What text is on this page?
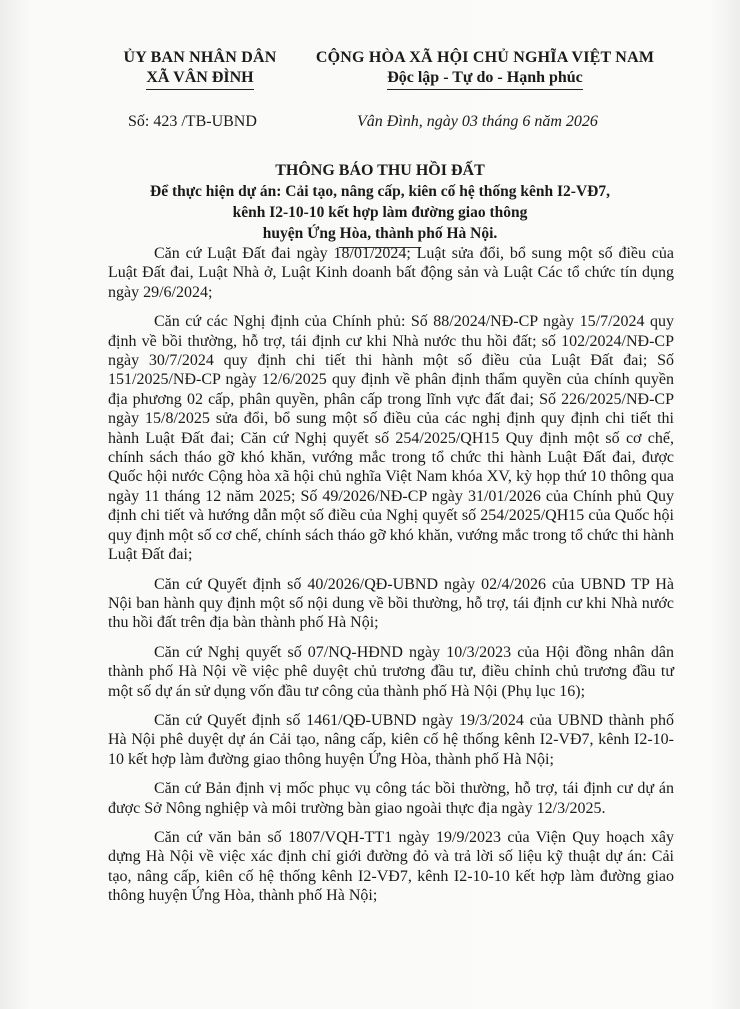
ỦY BAN NHÂN DÂN
XÃ VÂN ĐÌNH
CỘNG HÒA XÃ HỘI CHỦ NGHĨA VIỆT NAM
Độc lập - Tự do - Hạnh phúc
Số: 423 /TB-UBND	Vân Đình, ngày 03 tháng 6 năm 2026
THÔNG BÁO THU HỒI ĐẤT
Để thực hiện dự án: Cải tạo, nâng cấp, kiên cố hệ thống kênh I2-VĐ7,
kênh I2-10-10 kết hợp làm đường giao thông
huyện Ứng Hòa, thành phố Hà Nội.

Căn cứ Luật Đất đai ngày 18/01/2024; Luật sửa đổi, bổ sung một số điều của Luật Đất đai, Luật Nhà ở, Luật Kinh doanh bất động sản và Luật Các tổ chức tín dụng ngày 29/6/2024;

Căn cứ các Nghị định của Chính phủ: Số 88/2024/NĐ-CP ngày 15/7/2024 quy định về bồi thường, hỗ trợ, tái định cư khi Nhà nước thu hồi đất; số 102/2024/NĐ-CP ngày 30/7/2024 quy định chi tiết thi hành một số điều của Luật Đất đai; Số 151/2025/NĐ-CP ngày 12/6/2025 quy định về phân định thẩm quyền của chính quyền địa phương 02 cấp, phân quyền, phân cấp trong lĩnh vực đất đai; Số 226/2025/NĐ-CP ngày 15/8/2025 sửa đổi, bổ sung một số điều của các nghị định quy định chi tiết thi hành Luật Đất đai; Căn cứ Nghị quyết số 254/2025/QH15 Quy định một số cơ chế, chính sách tháo gỡ khó khăn, vướng mắc trong tổ chức thi hành Luật Đất đai, được Quốc hội nước Cộng hòa xã hội chủ nghĩa Việt Nam khóa XV, kỳ họp thứ 10 thông qua ngày 11 tháng 12 năm 2025; Số 49/2026/NĐ-CP ngày 31/01/2026 của Chính phủ Quy định chi tiết và hướng dẫn một số điều của Nghị quyết số 254/2025/QH15 của Quốc hội quy định một số cơ chế, chính sách tháo gỡ khó khăn, vướng mắc trong tổ chức thi hành Luật Đất đai;

Căn cứ Quyết định số 40/2026/QĐ-UBND ngày 02/4/2026 của UBND TP Hà Nội ban hành quy định một số nội dung về bồi thường, hỗ trợ, tái định cư khi Nhà nước thu hồi đất trên địa bàn thành phố Hà Nội;

Căn cứ Nghị quyết số 07/NQ-HĐND ngày 10/3/2023 của Hội đồng nhân dân thành phố Hà Nội về việc phê duyệt chủ trương đầu tư, điều chỉnh chủ trương đầu tư một số dự án sử dụng vốn đầu tư công của thành phố Hà Nội (Phụ lục 16);

Căn cứ Quyết định số 1461/QĐ-UBND ngày 19/3/2024 của UBND thành phố Hà Nội phê duyệt dự án Cải tạo, nâng cấp, kiên cố hệ thống kênh I2-VĐ7, kênh I2-10-10 kết hợp làm đường giao thông huyện Ứng Hòa, thành phố Hà Nội;

Căn cứ Bản định vị mốc phục vụ công tác bồi thường, hỗ trợ, tái định cư dự án được Sở Nông nghiệp và môi trường bàn giao ngoài thực địa ngày 12/3/2025.

Căn cứ văn bản số 1807/VQH-TT1 ngày 19/9/2023 của Viện Quy hoạch xây dựng Hà Nội về việc xác định chỉ giới đường đỏ và trả lời số liệu kỹ thuật dự án: Cải tạo, nâng cấp, kiên cố hệ thống kênh I2-VĐ7, kênh I2-10-10 kết hợp làm đường giao thông huyện Ứng Hòa, thành phố Hà Nội;
